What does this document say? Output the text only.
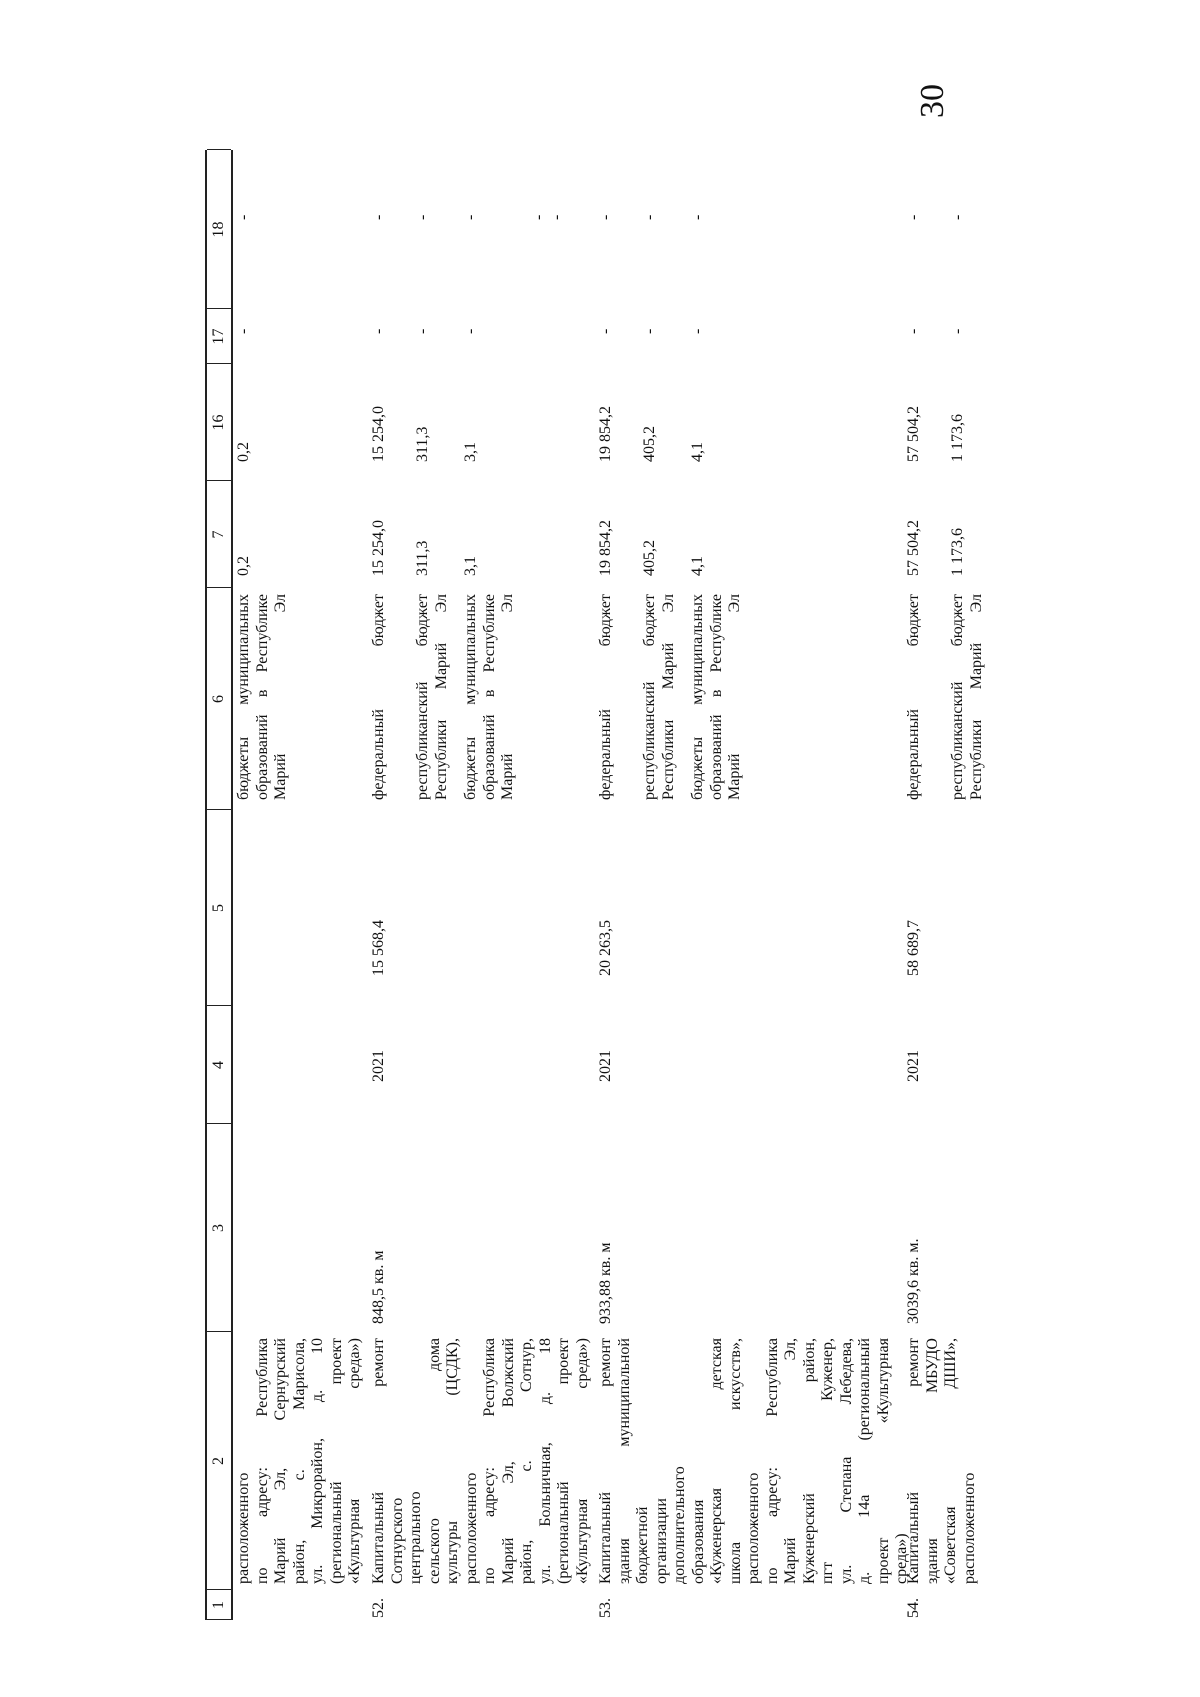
30
1
2
3
4
5
6
7
16
17
18
расположенного по адресу: Республика Марий Эл, Сернурский район, с. Марисола, ул. Микрорайон, д. 10 (региональный проект «Культурная среда»)
бюджеты муниципальных образований в Республике Марий Эл
0,2
0,2
-
-
52.
Капитальный ремонт Сотнурского центрального сельского дома культуры (ЦСДК), расположенного по адресу: Республика Марий Эл, Волжский район, с. Сотнур, ул. Больничная, д. 18 (региональный проект «Культурная среда»)
848,5 кв. м
2021
15 568,4
федеральный бюджет
15 254,0
15 254,0
-
-
республиканский бюджет Республики Марий Эл
311,3
311,3
-
-
бюджеты муниципальных образований в Республике Марий Эл
3,1
3,1
-
-	- -
53.
Капитальный ремонт здания муниципальной бюджетной организации дополнительного образования «Куженерская детская школа искусств», расположенного по адресу: Республика Марий Эл, Куженерский район, пгт Куженер, ул. Степана Лебедева, д. 14а (региональный проект «Культурная среда»)
933,88 кв. м
2021
20 263,5
федеральный бюджет
19 854,2
19 854,2
-
-
республиканский бюджет Республики Марий Эл
405,2
405,2
-
-
бюджеты муниципальных образований в Республике Марий Эл
4,1
4,1
-
-
54.
Капитальный ремонт здания МБУДО «Советская ДШИ», расположенного
3039,6 кв. м.
2021
58 689,7
федеральный бюджет
57 504,2
57 504,2
-
-
республиканский бюджет Республики Марий Эл
1 173,6
1 173,6
-
-
